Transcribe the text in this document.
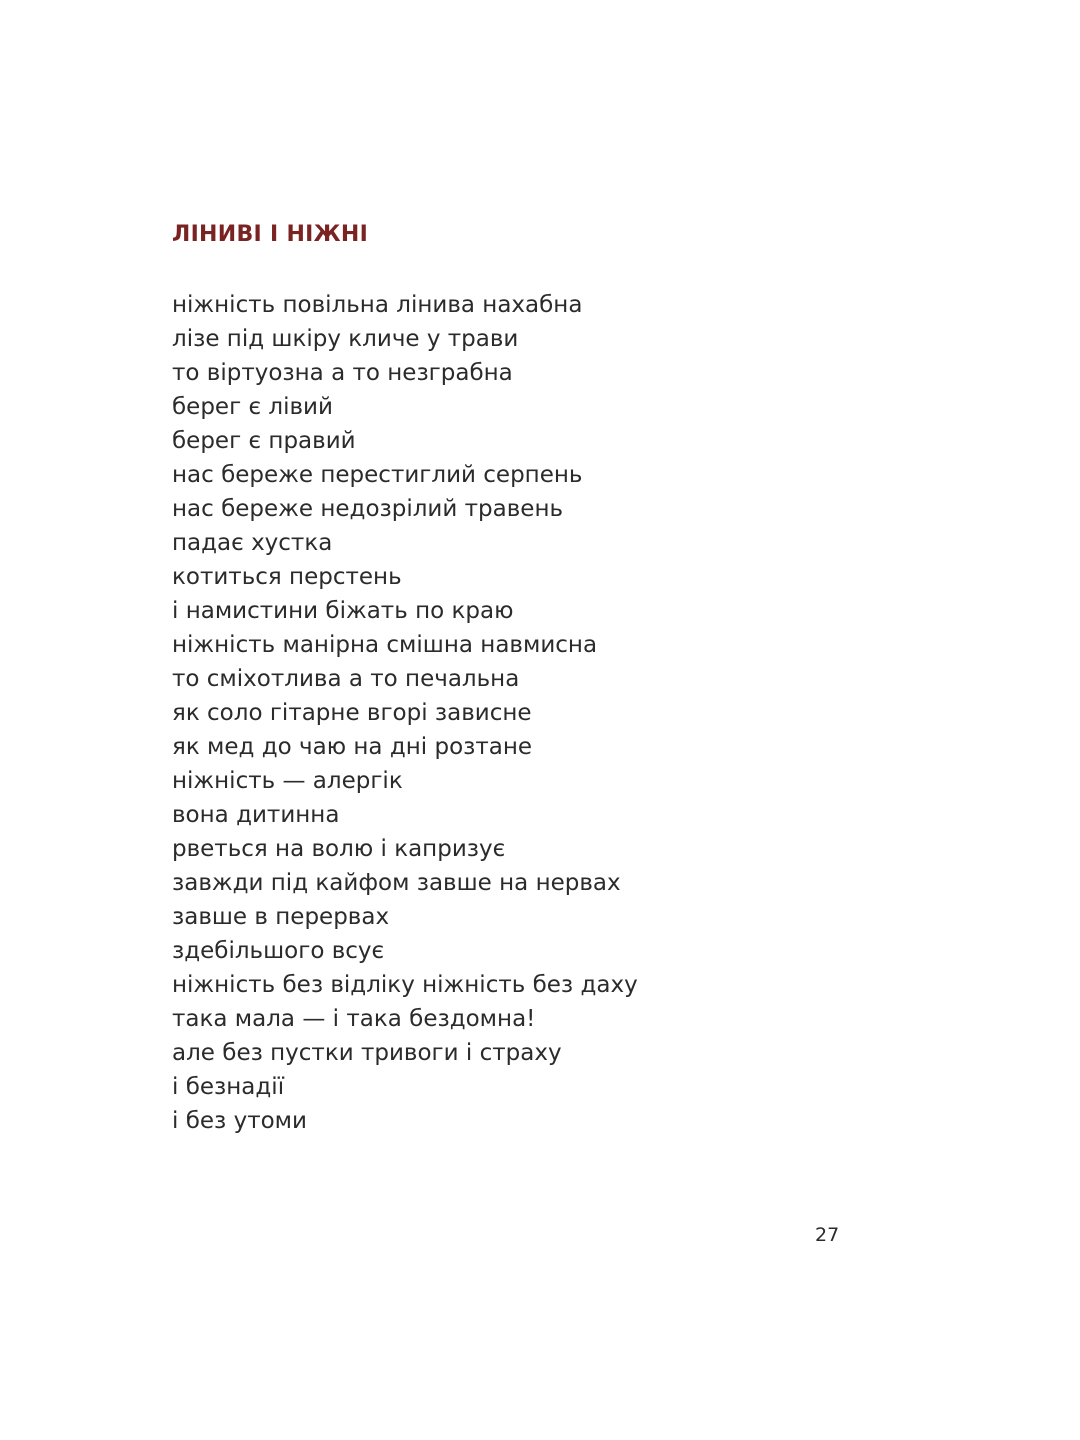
ЛІНИВІ І НІЖНІ
ніжність повільна лінива нахабна
лізе під шкіру кличе у трави
то віртуозна а то незграбна
берег є лівий
берег є правий
нас береже перестиглий серпень
нас береже недозрілий травень
падає хустка
котиться перстень
і намистини біжать по краю
ніжність манірна смішна навмисна
то сміхотлива а то печальна
як соло гітарне вгорі зависне
як мед до чаю на дні розтане
ніжність — алергік
вона дитинна
рветься на волю і капризує
завжди під кайфом завше на нервах
завше в перервах
здебільшого всує
ніжність без відліку ніжність без даху
така мала — і така бездомна!
але без пустки тривоги і страху
і безнадії
і без утоми
27
